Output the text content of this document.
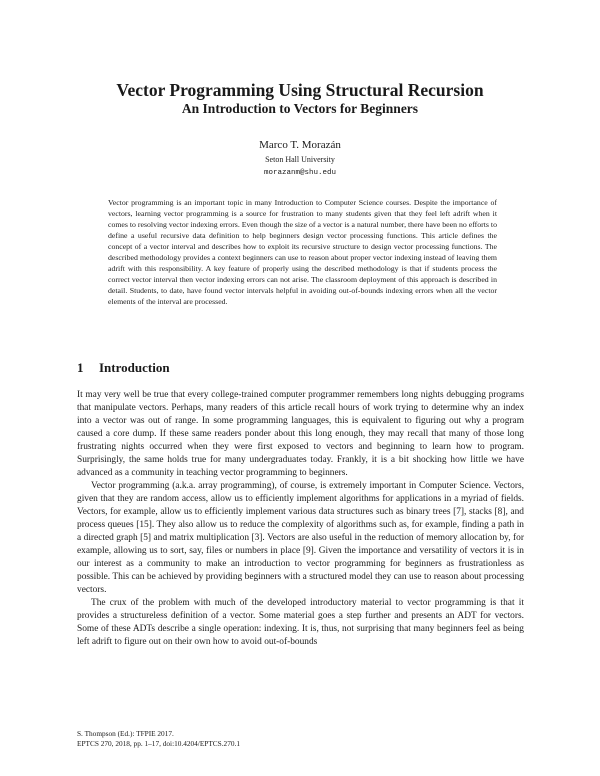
Vector Programming Using Structural Recursion
An Introduction to Vectors for Beginners
Marco T. Morazán
Seton Hall University
morazanm@shu.edu

Vector programming is an important topic in many Introduction to Computer Science courses. Despite the importance of vectors, learning vector programming is a source for frustration to many students given that they feel left adrift when it comes to resolving vector indexing errors. Even though the size of a vector is a natural number, there have been no efforts to define a useful recursive data definition to help beginners design vector processing functions. This article defines the concept of a vector interval and describes how to exploit its recursive structure to design vector processing functions. The described methodology provides a context beginners can use to reason about proper vector indexing instead of leaving them adrift with this responsibility. A key feature of properly using the described methodology is that if students process the correct vector interval then vector indexing errors can not arise. The classroom deployment of this approach is described in detail. Students, to date, have found vector intervals helpful in avoiding out-of-bounds indexing errors when all the vector elements of the interval are processed.

1 Introduction

It may very well be true that every college-trained computer programmer remembers long nights debugging programs that manipulate vectors. Perhaps, many readers of this article recall hours of work trying to determine why an index into a vector was out of range. In some programming languages, this is equivalent to figuring out why a program caused a core dump. If these same readers ponder about this long enough, they may recall that many of those long frustrating nights occurred when they were first exposed to vectors and beginning to learn how to program. Surprisingly, the same holds true for many undergraduates today. Frankly, it is a bit shocking how little we have advanced as a community in teaching vector programming to beginners.

Vector programming (a.k.a. array programming), of course, is extremely important in Computer Science. Vectors, given that they are random access, allow us to efficiently implement algorithms for applications in a myriad of fields. Vectors, for example, allow us to efficiently implement various data structures such as binary trees [7], stacks [8], and process queues [15]. They also allow us to reduce the complexity of algorithms such as, for example, finding a path in a directed graph [5] and matrix multiplication [3]. Vectors are also useful in the reduction of memory allocation by, for example, allowing us to sort, say, files or numbers in place [9]. Given the importance and versatility of vectors it is in our interest as a community to make an introduction to vector programming for beginners as frustrationless as possible. This can be achieved by providing beginners with a structured model they can use to reason about processing vectors.

The crux of the problem with much of the developed introductory material to vector programming is that it provides a structureless definition of a vector. Some material goes a step further and presents an ADT for vectors. Some of these ADTs describe a single operation: indexing. It is, thus, not surprising that many beginners feel as being left adrift to figure out on their own how to avoid out-of-bounds

S. Thompson (Ed.): TFPIE 2017.
EPTCS 270, 2018, pp. 1–17, doi:10.4204/EPTCS.270.1
